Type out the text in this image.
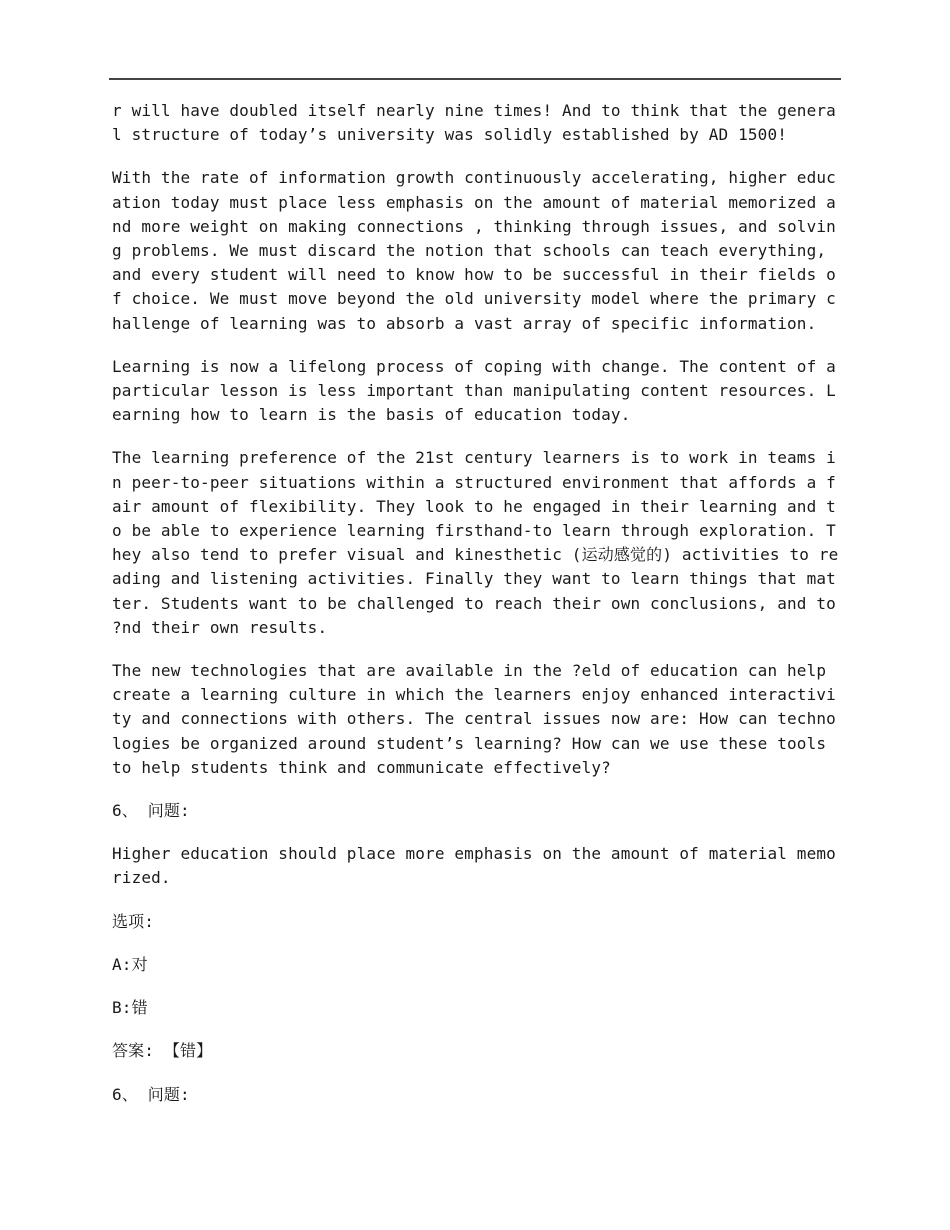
r will have doubled itself nearly nine times! And to think that the general structure of today’s university was solidly established by AD 1500!

With the rate of information growth continuously accelerating, higher education today must place less emphasis on the amount of material memorized and more weight on making connections , thinking through issues, and solving problems. We must discard the notion that schools can teach everything, and every student will need to know how to be successful in their fields of choice. We must move beyond the old university model where the primary challenge of learning was to absorb a vast array of specific information.

Learning is now a lifelong process of coping with change. The content of a particular lesson is less important than manipulating content resources. Learning how to learn is the basis of education today.

The learning preference of the 21st century learners is to work in teams in peer-to-peer situations within a structured environment that affords a fair amount of flexibility. They look to he engaged in their learning and to be able to experience learning firsthand-to learn through exploration. They also tend to prefer visual and kinesthetic (运动感觉的) activities to reading and listening activities. Finally they want to learn things that matter. Students want to be challenged to reach their own conclusions, and to ?nd their own results.

The new technologies that are available in the ?eld of education can help create a learning culture in which the learners enjoy enhanced interactivity and connections with others. The central issues now are: How can technologies be organized around student’s learning? How can we use these tools to help students think and communicate effectively?

6、 问题:

Higher education should place more emphasis on the amount of material memorized.

选项:

A:对

B:错

答案: 【错】

6、 问题:
